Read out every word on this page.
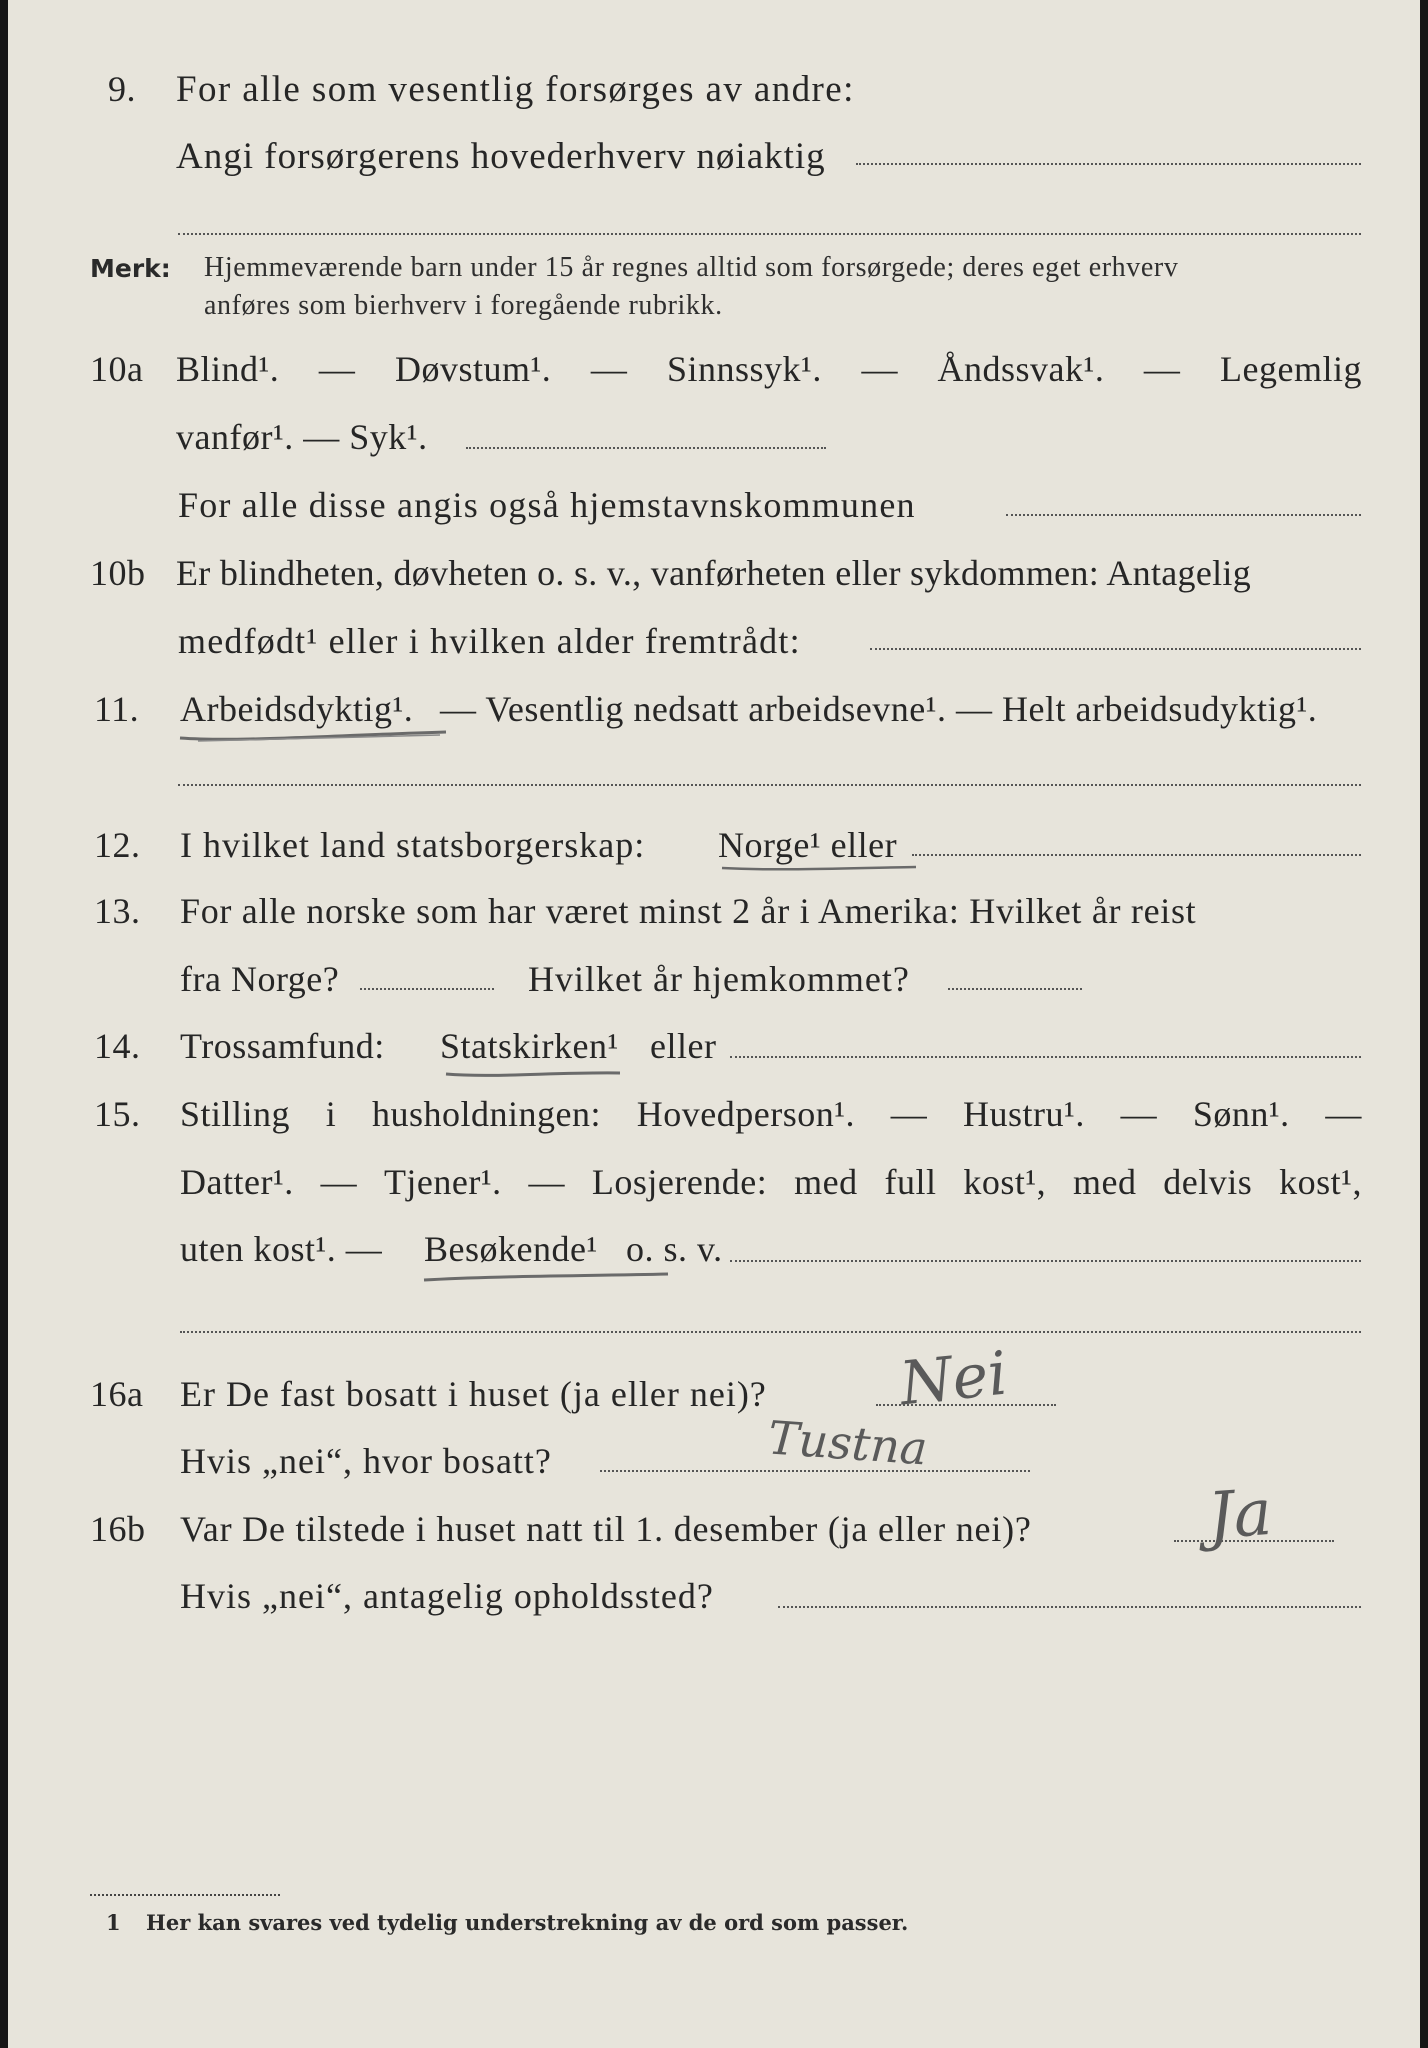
9. For alle som vesentlig forsørges av andre:
Angi forsørgerens hovederhverv nøiaktig
Merk: Hjemmeværende barn under 15 år regnes alltid som forsørgede; deres eget erhverv
anføres som bierhverv i foregående rubrikk.
10a Blind¹. — Døvstum¹. — Sinnssyk¹. — Åndssvak¹. — Legemlig
vanfør¹. — Syk¹.
For alle disse angis også hjemstavnskommunen
10b Er blindheten, døvheten o. s. v., vanførheten eller sykdommen: Antagelig
medfødt¹ eller i hvilken alder fremtrådt:
11. Arbeidsdyktig¹. — Vesentlig nedsatt arbeidsevne¹. — Helt arbeidsudyktig¹.
12. I hvilket land statsborgerskap: Norge¹ eller
13. For alle norske som har været minst 2 år i Amerika: Hvilket år reist
fra Norge?	Hvilket år hjemkommet?
14. Trossamfund: Statskirken¹ eller
15. Stilling i husholdningen: Hovedperson¹. — Hustru¹. — Sønn¹. —
Datter¹. — Tjener¹. — Losjerende: med full kost¹, med delvis kost¹,
uten kost¹. — Besøkende¹ o. s. v.
16a Er De fast bosatt i huset (ja eller nei)? Nei
Hvis „nei“, hvor bosatt?	Tustna
16b Var De tilstede i huset natt til 1. desember (ja eller nei)?	Ja
Hvis „nei“, antagelig opholdssted?
1 Her kan svares ved tydelig understrekning av de ord som passer.
